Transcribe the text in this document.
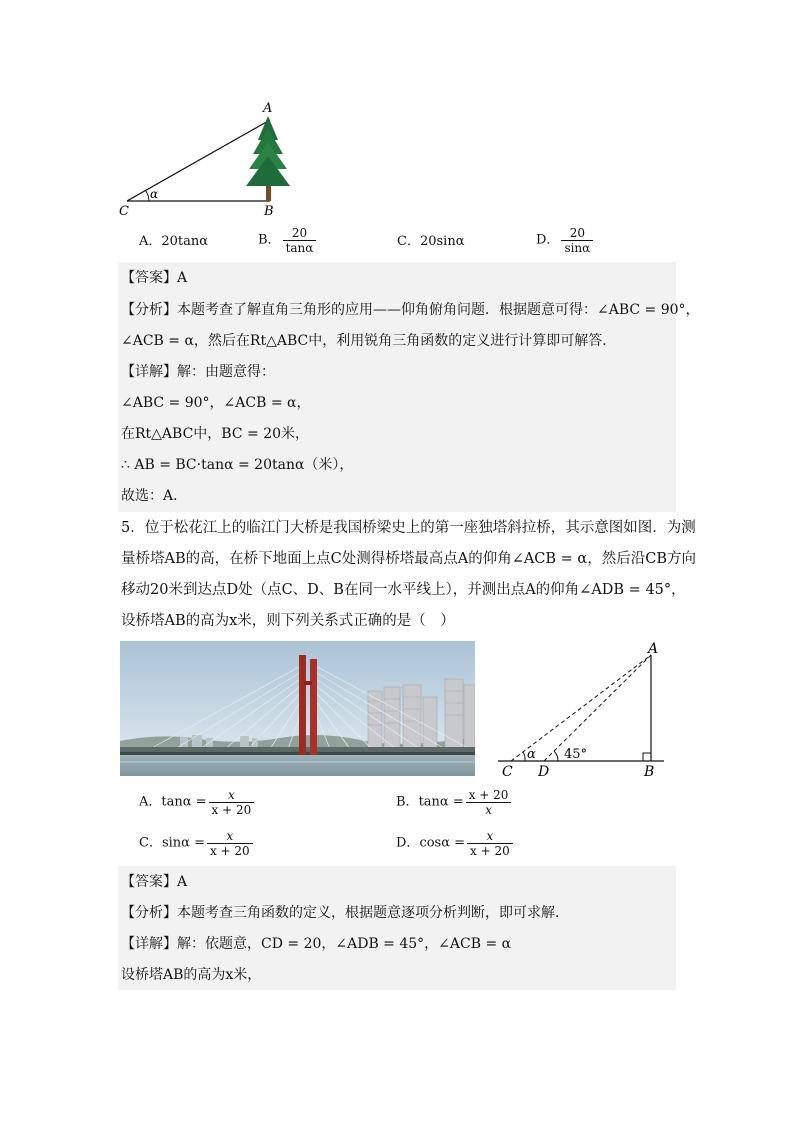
A
B
C
α
A．20tanα	B． $\frac{20}{\tan\alpha}$	C．20sinα	D． $\frac{20}{\sin\alpha}$
【答案】A
【分析】本题考查了解直角三角形的应用——仰角俯角问题．根据题意可得：∠ABC = 90°，
∠ACB = α，然后在Rt△ABC中，利用锐角三角函数的定义进行计算即可解答．
【详解】解：由题意得：
∠ABC = 90°，∠ACB = α，
在Rt△ABC中，BC = 20米，
∴ AB = BC·tanα = 20tanα（米），
故选：A．
5．位于松花江上的临江门大桥是我国桥梁史上的第一座独塔斜拉桥，其示意图如图．为测
量桥塔AB的高，在桥下地面上点C处测得桥塔最高点A的仰角∠ACB = α，然后沿CB方向
移动20米到达点D处（点C、D、B在同一水平线上），并测出点A的仰角∠ADB = 45°，
设桥塔AB的高为x米，则下列关系式正确的是（　）
A
B
C D
α 45°
A．$\tan\alpha = \frac{x}{x + 20}$	B．$\tan\alpha = \frac{x + 20}{x}$
C．$\sin\alpha = \frac{x}{x + 20}$	D．$\cos\alpha = \frac{x}{x + 20}$
【答案】A
【分析】本题考查三角函数的定义，根据题意逐项分析判断，即可求解．
【详解】解：依题意，CD = 20，∠ADB = 45°，∠ACB = α
设桥塔AB的高为x米，
